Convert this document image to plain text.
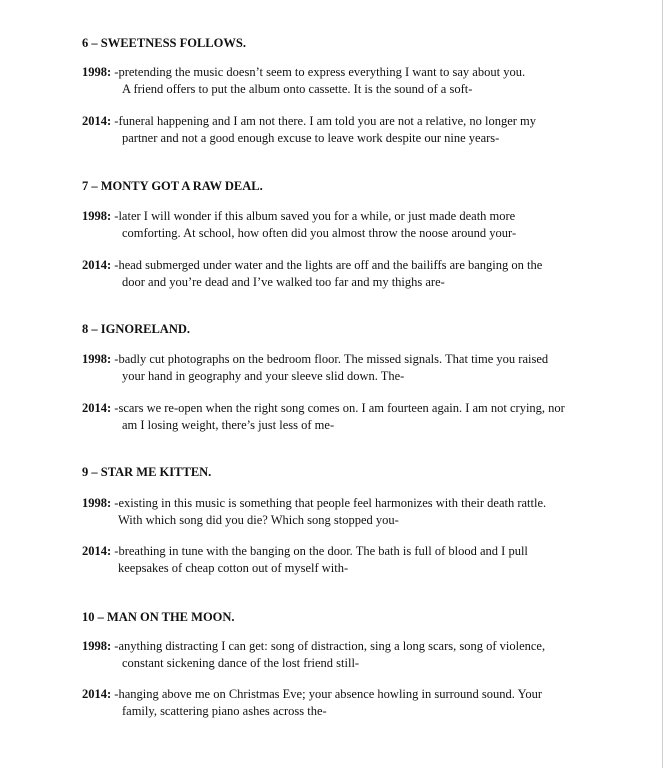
6 – SWEETNESS FOLLOWS.

1998: -pretending the music doesn’t seem to express everything I want to say about you.
A friend offers to put the album onto cassette. It is the sound of a soft-

2014: -funeral happening and I am not there. I am told you are not a relative, no longer my
partner and not a good enough excuse to leave work despite our nine years-

7 – MONTY GOT A RAW DEAL.

1998: -later I will wonder if this album saved you for a while, or just made death more
comforting. At school, how often did you almost throw the noose around your-

2014: -head submerged under water and the lights are off and the bailiffs are banging on the
door and you’re dead and I’ve walked too far and my thighs are-

8 – IGNORELAND.

1998: -badly cut photographs on the bedroom floor. The missed signals. That time you raised
your hand in geography and your sleeve slid down. The-

2014: -scars we re-open when the right song comes on. I am fourteen again. I am not crying, nor
am I losing weight, there’s just less of me-

9 – STAR ME KITTEN.

1998: -existing in this music is something that people feel harmonizes with their death rattle.
With which song did you die? Which song stopped you-

2014: -breathing in tune with the banging on the door. The bath is full of blood and I pull
keepsakes of cheap cotton out of myself with-

10 – MAN ON THE MOON.

1998: -anything distracting I can get: song of distraction, sing a long scars, song of violence,
constant sickening dance of the lost friend still-

2014: -hanging above me on Christmas Eve; your absence howling in surround sound. Your
family, scattering piano ashes across the-
